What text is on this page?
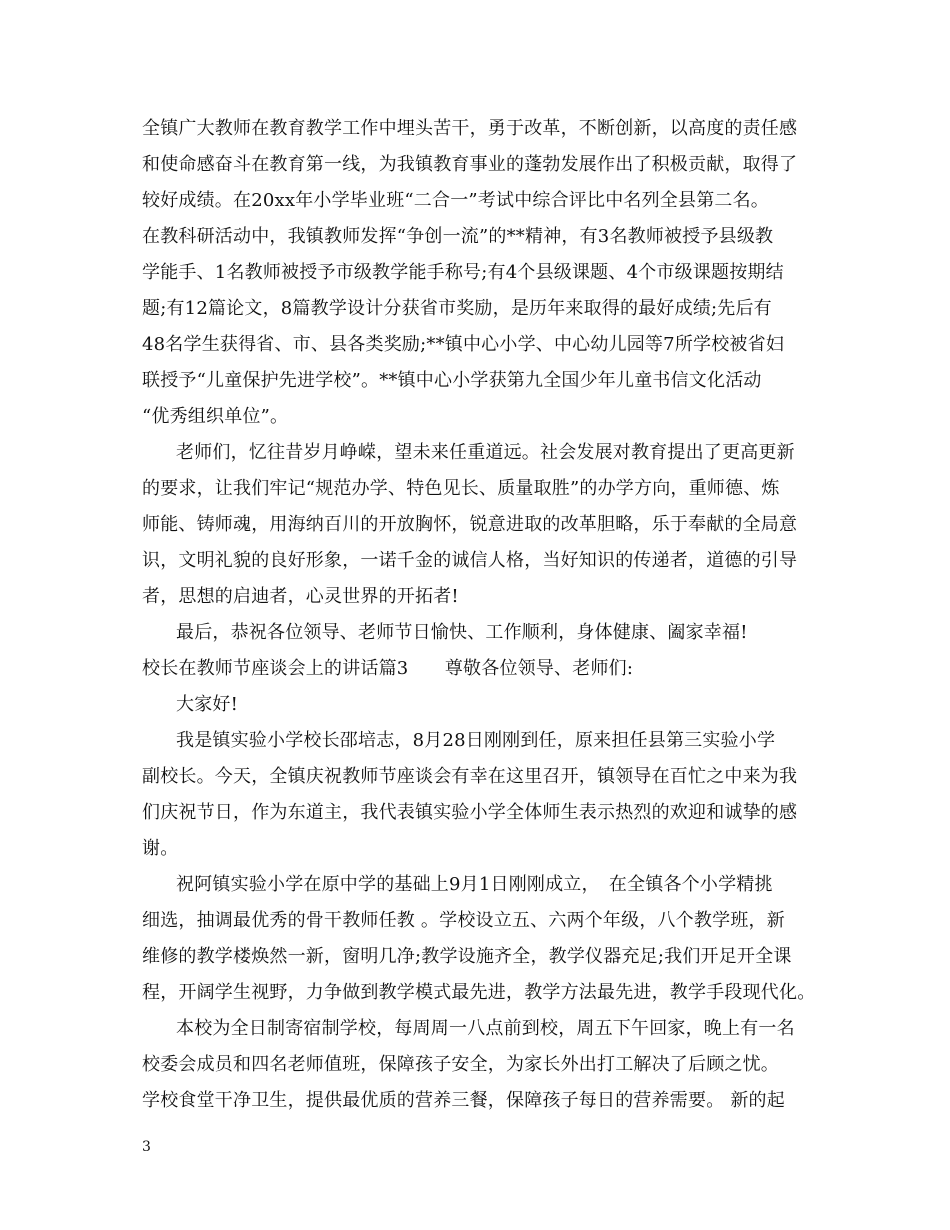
全镇广大教师在教育教学工作中埋头苦干，勇于改革，不断创新，以高度的责任感
和使命感奋斗在教育第一线，为我镇教育事业的蓬勃发展作出了积极贡献，取得了
较好成绩。在20xx年小学毕业班“二合一”考试中综合评比中名列全县第二名。
在教科研活动中，我镇教师发挥“争创一流”的**精神，有3名教师被授予县级教
学能手、1名教师被授予市级教学能手称号;有4个县级课题、4个市级课题按期结
题;有12篇论文，8篇教学设计分获省市奖励，是历年来取得的最好成绩;先后有
48名学生获得省、市、县各类奖励;**镇中心小学、中心幼儿园等7所学校被省妇
联授予“儿童保护先进学校”。**镇中心小学获第九全国少年儿童书信文化活动
“优秀组织单位”。
老师们，忆往昔岁月峥嵘，望未来任重道远。社会发展对教育提出了更高更新
的要求，让我们牢记“规范办学、特色见长、质量取胜”的办学方向，重师德、炼
师能、铸师魂，用海纳百川的开放胸怀，锐意进取的改革胆略，乐于奉献的全局意
识，文明礼貌的良好形象，一诺千金的诚信人格，当好知识的传递者，道德的引导
者，思想的启迪者，心灵世界的开拓者!
最后，恭祝各位领导、老师节日愉快、工作顺利，身体健康、阖家幸福!
校长在教师节座谈会上的讲话篇3　　尊敬各位领导、老师们:
大家好!
我是镇实验小学校长邵培志，8月28日刚刚到任，原来担任县第三实验小学
副校长。今天，全镇庆祝教师节座谈会有幸在这里召开，镇领导在百忙之中来为我
们庆祝节日，作为东道主，我代表镇实验小学全体师生表示热烈的欢迎和诚挚的感
谢。
祝阿镇实验小学在原中学的基础上9月1日刚刚成立，　在全镇各个小学精挑
细选，抽调最优秀的骨干教师任教 。学校设立五、六两个年级，八个教学班，新
维修的教学楼焕然一新，窗明几净;教学设施齐全，教学仪器充足;我们开足开全课
程，开阔学生视野，力争做到教学模式最先进，教学方法最先进，教学手段现代化。
本校为全日制寄宿制学校，每周周一八点前到校，周五下午回家，晚上有一名
校委会成员和四名老师值班，保障孩子安全，为家长外出打工解决了后顾之忧。
学校食堂干净卫生，提供最优质的营养三餐，保障孩子每日的营养需要。 新的起
3
